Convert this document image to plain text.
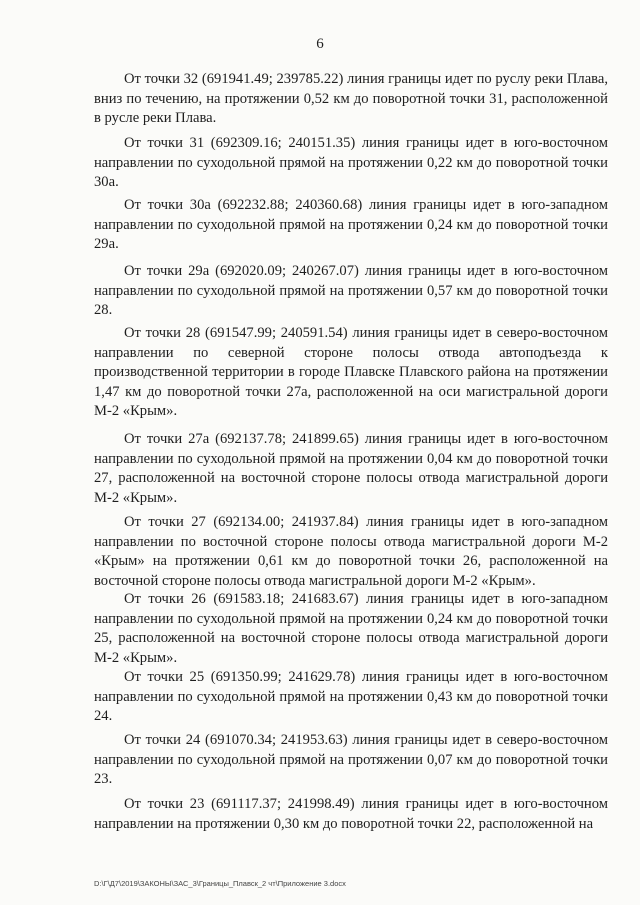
6

От точки 32 (691941.49; 239785.22) линия границы идет по руслу реки Плава, вниз по течению, на протяжении 0,52 км до поворотной точки 31, расположенной в русле реки Плава.

От точки 31 (692309.16; 240151.35) линия границы идет в юго-восточном направлении по суходольной прямой на протяжении 0,22 км до поворотной точки 30а.

От точки 30а (692232.88; 240360.68) линия границы идет в юго-западном направлении по суходольной прямой на протяжении 0,24 км до поворотной точки 29а.

От точки 29а (692020.09; 240267.07) линия границы идет в юго-восточном направлении по суходольной прямой на протяжении 0,57 км до поворотной точки 28.

От точки 28 (691547.99; 240591.54) линия границы идет в северо-восточном направлении по северной стороне полосы отвода автоподъезда к производственной территории в городе Плавске Плавского района на протяжении 1,47 км до поворотной точки 27а, расположенной на оси магистральной дороги М-2 «Крым».

От точки 27а (692137.78; 241899.65) линия границы идет в юго-восточном направлении по суходольной прямой на протяжении 0,04 км до поворотной точки 27, расположенной на восточной стороне полосы отвода магистральной дороги М-2 «Крым».

От точки 27 (692134.00; 241937.84) линия границы идет в юго-западном направлении по восточной стороне полосы отвода магистральной дороги М-2 «Крым» на протяжении 0,61 км до поворотной точки 26, расположенной на восточной стороне полосы отвода магистральной дороги М-2 «Крым».

От точки 26 (691583.18; 241683.67) линия границы идет в юго-западном направлении по суходольной прямой на протяжении 0,24 км до поворотной точки 25, расположенной на восточной стороне полосы отвода магистральной дороги М-2 «Крым».

От точки 25 (691350.99; 241629.78) линия границы идет в юго-восточном направлении по суходольной прямой на протяжении 0,43 км до поворотной точки 24.

От точки 24 (691070.34; 241953.63) линия границы идет в северо-восточном направлении по суходольной прямой на протяжении 0,07 км до поворотной точки 23.

От точки 23 (691117.37; 241998.49) линия границы идет в юго-восточном направлении на протяжении 0,30 км до поворотной точки 22, расположенной на

D:\Г\Д7\2019\ЗАКОНЫ\ЗАС_3\Границы_Плавск_2 чт\Приложение 3.docx
